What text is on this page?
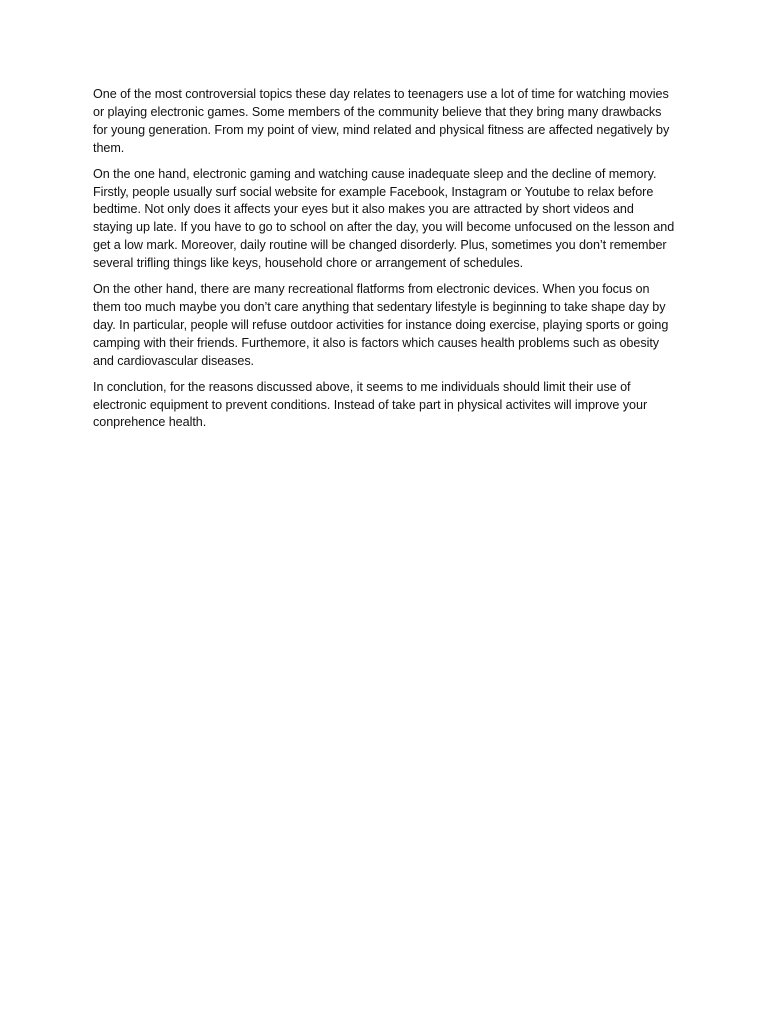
One of the most controversial topics these day relates to teenagers use a lot of time for watching movies or playing electronic games. Some members of the community believe that they bring many drawbacks for young generation. From my point of view, mind related and physical fitness are affected negatively by them.

On the one hand, electronic gaming and watching cause inadequate sleep and the decline of memory. Firstly, people usually surf social website for example Facebook, Instagram or Youtube to relax before bedtime. Not only does it affects your eyes but it also makes you are attracted by short videos and staying up late. If you have to go to school on after the day, you will become unfocused on the lesson and get a low mark. Moreover, daily routine will be changed disorderly. Plus, sometimes you don’t remember several trifling things like keys, household chore or arrangement of schedules.

On the other hand, there are many recreational flatforms from electronic devices. When you focus on them too much maybe you don’t care anything that sedentary lifestyle is beginning to take shape day by day. In particular, people will refuse outdoor activities for instance doing exercise, playing sports or going camping with their friends. Furthemore, it also is factors which causes health problems such as obesity and cardiovascular diseases.

In conclution, for the reasons discussed above, it seems to me individuals should limit their use of electronic equipment to prevent conditions. Instead of take part in physical activites will improve your conprehence health.
